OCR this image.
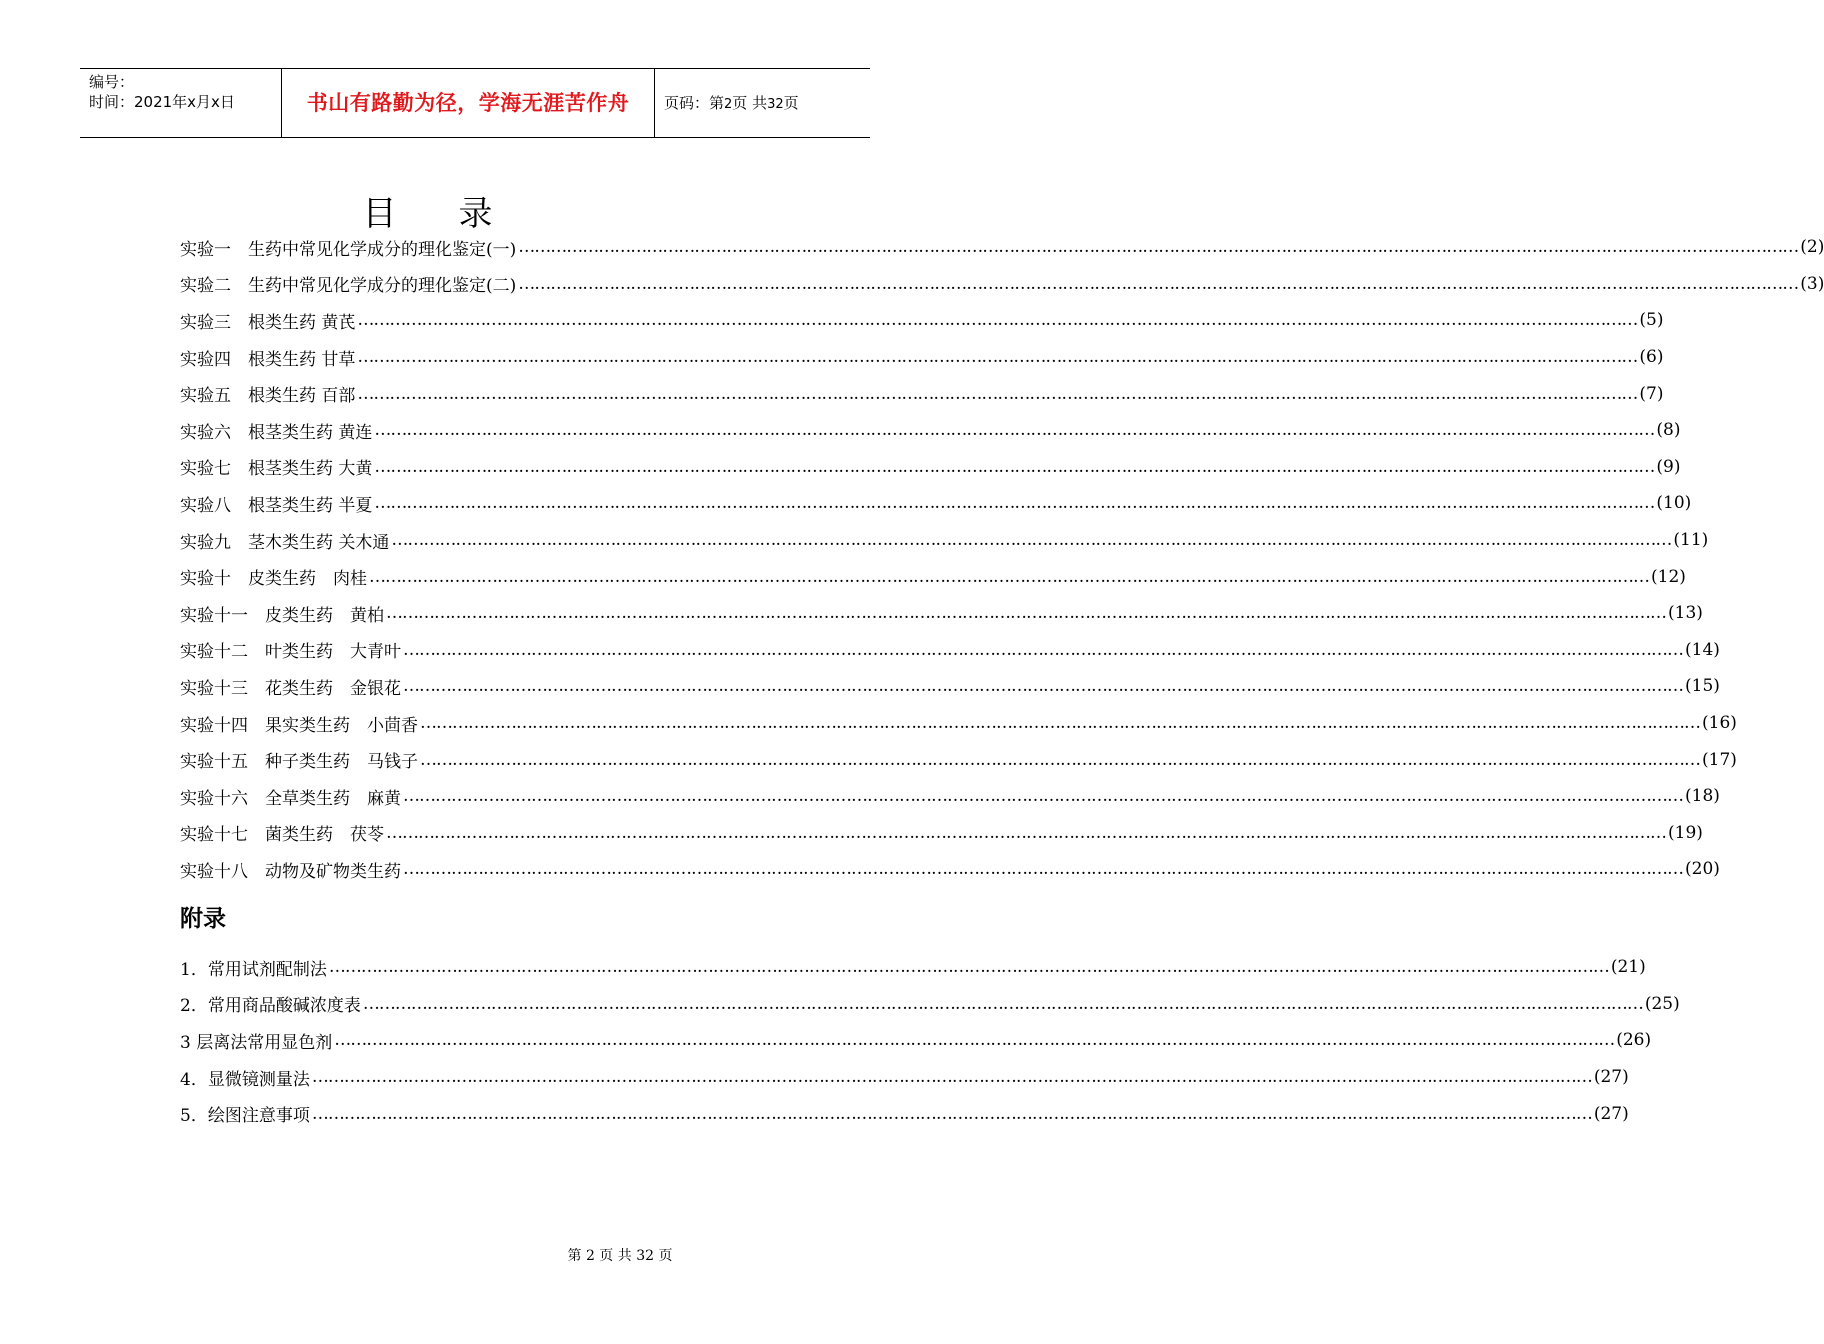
编号：
时间：2021年x月x日	书山有路勤为径，学海无涯苦作舟	页码：第2页 共32页
目录
实验一　生药中常见化学成分的理化鉴定(一) …………………………………………………………………………………………………………………………………………………………………………………………………………………… (2)
实验二　生药中常见化学成分的理化鉴定(二) …………………………………………………………………………………………………………………………………………………………………………………………………………………… (3)
实验三　根类生药 黄芪 …………………………………………………………………………………………………………………………………………………………………………………………………………………… (5)
实验四　根类生药 甘草 …………………………………………………………………………………………………………………………………………………………………………………………………………………… (6)
实验五　根类生药 百部 …………………………………………………………………………………………………………………………………………………………………………………………………………………… (7)
实验六　根茎类生药 黄连 …………………………………………………………………………………………………………………………………………………………………………………………………………………… (8)
实验七　根茎类生药 大黄 …………………………………………………………………………………………………………………………………………………………………………………………………………………… (9)
实验八　根茎类生药 半夏 …………………………………………………………………………………………………………………………………………………………………………………………………………………… (10)
实验九　茎木类生药 关木通 …………………………………………………………………………………………………………………………………………………………………………………………………………………… (11)
实验十　皮类生药　肉桂 …………………………………………………………………………………………………………………………………………………………………………………………………………………… (12)
实验十一　皮类生药　黄柏 …………………………………………………………………………………………………………………………………………………………………………………………………………………… (13)
实验十二　叶类生药　大青叶 …………………………………………………………………………………………………………………………………………………………………………………………………………………… (14)
实验十三　花类生药　金银花 …………………………………………………………………………………………………………………………………………………………………………………………………………………… (15)
实验十四　果实类生药　小茴香 …………………………………………………………………………………………………………………………………………………………………………………………………………………… (16)
实验十五　种子类生药　马钱子 …………………………………………………………………………………………………………………………………………………………………………………………………………………… (17)
实验十六　全草类生药　麻黄 …………………………………………………………………………………………………………………………………………………………………………………………………………………… (18)
实验十七　菌类生药　茯苓 …………………………………………………………………………………………………………………………………………………………………………………………………………………… (19)
实验十八　动物及矿物类生药 …………………………………………………………………………………………………………………………………………………………………………………………………………………… (20)
附录
1．常用试剂配制法 …………………………………………………………………………………………………………………………………………………………………………………………………………………… (21)
2．常用商品酸碱浓度表 …………………………………………………………………………………………………………………………………………………………………………………………………………………… (25)
3 层离法常用显色剂 …………………………………………………………………………………………………………………………………………………………………………………………………………………… (26)
4．显微镜测量法 …………………………………………………………………………………………………………………………………………………………………………………………………………………… (27)
5．绘图注意事项 …………………………………………………………………………………………………………………………………………………………………………………………………………………… (27)
第 2 页 共 32 页
